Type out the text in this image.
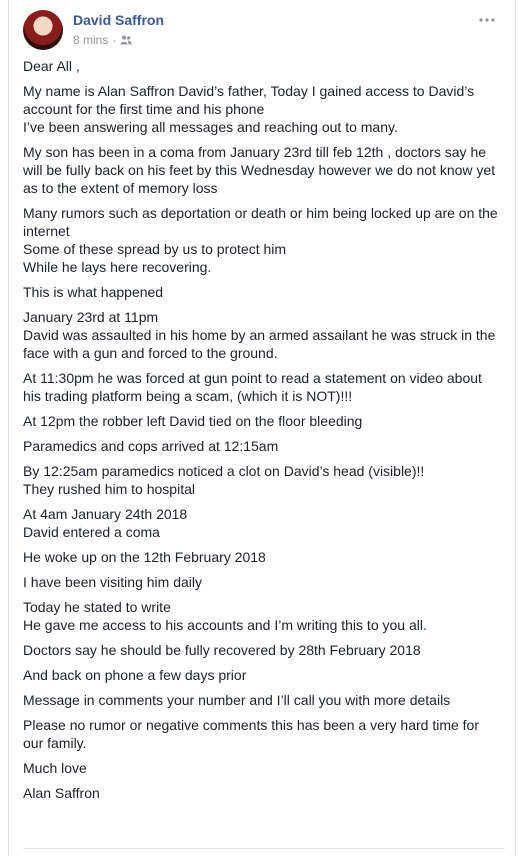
David Saffron
8 mins ·

Dear All ,

My name is Alan Saffron David’s father, Today I gained access to David’s account for the first time and his phone
I’ve been answering all messages and reaching out to many.

My son has been in a coma from January 23rd till feb 12th , doctors say he will be fully back on his feet by this Wednesday however we do not know yet as to the extent of memory loss

Many rumors such as deportation or death or him being locked up are on the internet
Some of these spread by us to protect him
While he lays here recovering.

This is what happened

January 23rd at 11pm
David was assaulted in his home by an armed assailant he was struck in the face with a gun and forced to the ground.

At 11:30pm he was forced at gun point to read a statement on video about his trading platform being a scam, (which it is NOT)!!!

At 12pm the robber left David tied on the floor bleeding

Paramedics and cops arrived at 12:15am

By 12:25am paramedics noticed a clot on David’s head (visible)!!
They rushed him to hospital

At 4am January 24th 2018
David entered a coma

He woke up on the 12th February 2018

I have been visiting him daily

Today he stated to write
He gave me access to his accounts and I’m writing this to you all.

Doctors say he should be fully recovered by 28th February 2018

And back on phone a few days prior

Message in comments your number and I’ll call you with more details

Please no rumor or negative comments this has been a very hard time for our family.

Much love

Alan Saffron
